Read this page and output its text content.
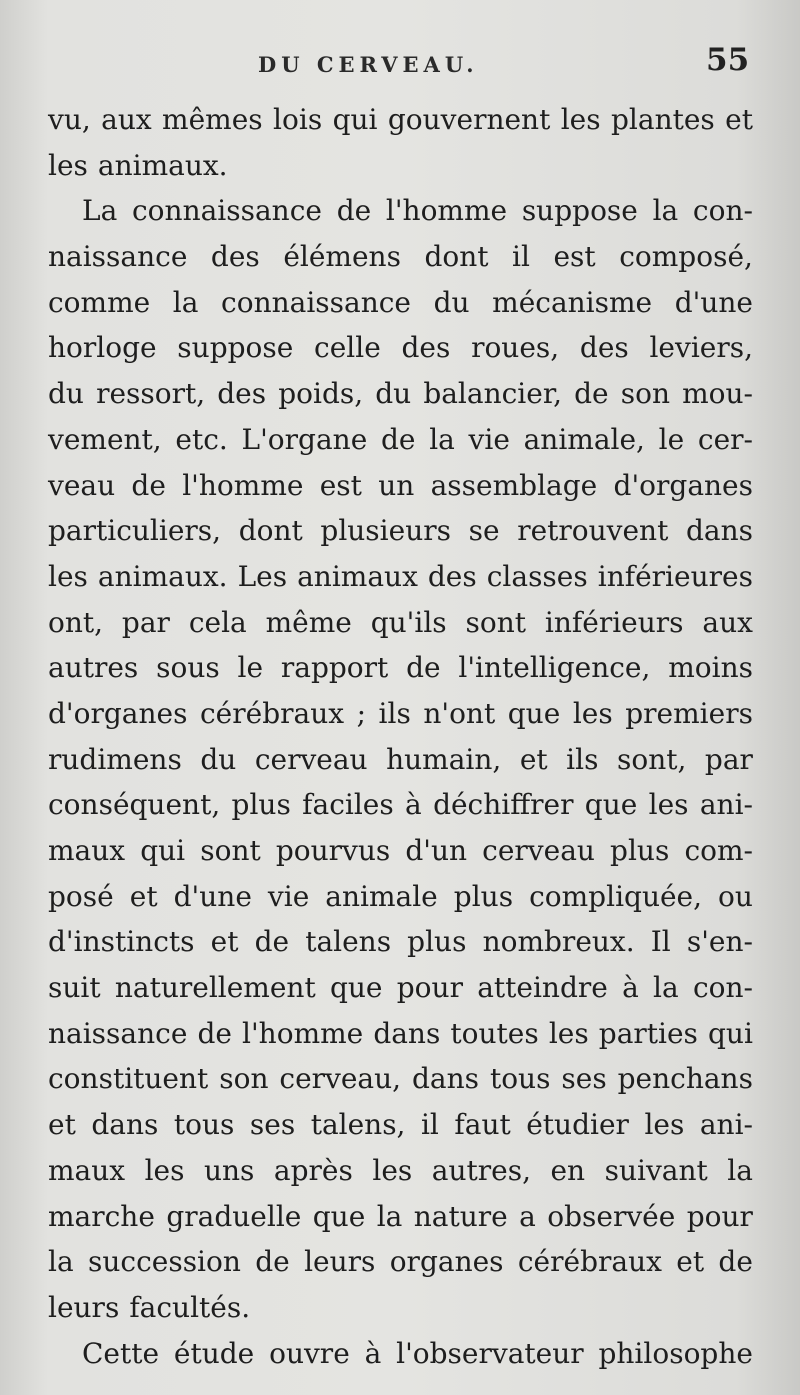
DU CERVEAU.	55
vu, aux mêmes lois qui gouvernent les plantes et
les animaux.
La connaissance de l'homme suppose la con-
naissance des élémens dont il est composé,
comme la connaissance du mécanisme d'une
horloge suppose celle des roues, des leviers,
du ressort, des poids, du balancier, de son mou-
vement, etc. L'organe de la vie animale, le cer-
veau de l'homme est un assemblage d'organes
particuliers, dont plusieurs se retrouvent dans
les animaux. Les animaux des classes inférieures
ont, par cela même qu'ils sont inférieurs aux
autres sous le rapport de l'intelligence, moins
d'organes cérébraux ; ils n'ont que les premiers
rudimens du cerveau humain, et ils sont, par
conséquent, plus faciles à déchiffrer que les ani-
maux qui sont pourvus d'un cerveau plus com-
posé et d'une vie animale plus compliquée, ou
d'instincts et de talens plus nombreux. Il s'en-
suit naturellement que pour atteindre à la con-
naissance de l'homme dans toutes les parties qui
constituent son cerveau, dans tous ses penchans
et dans tous ses talens, il faut étudier les ani-
maux les uns après les autres, en suivant la
marche graduelle que la nature a observée pour
la succession de leurs organes cérébraux et de
leurs facultés.
Cette étude ouvre à l'observateur philosophe
